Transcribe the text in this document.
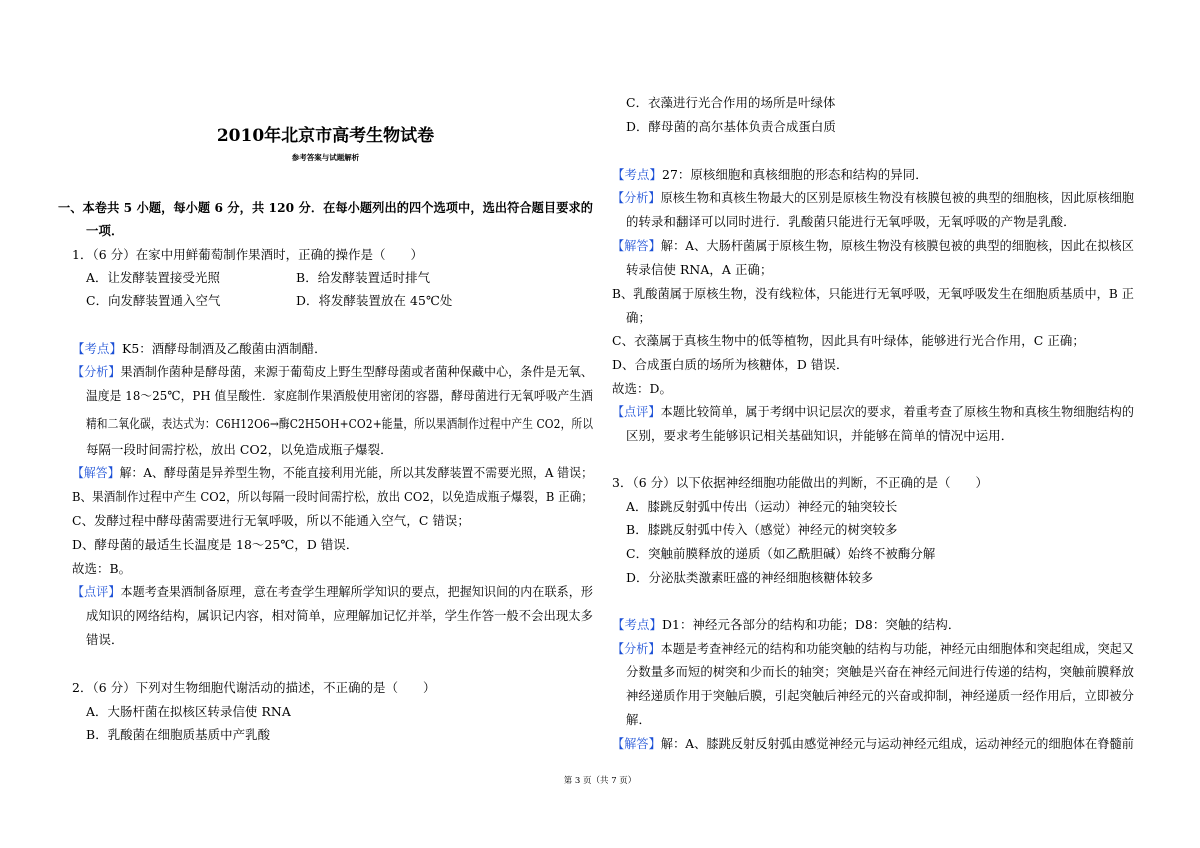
2010年北京市高考生物试卷
参考答案与试题解析
一、本卷共 5 小题，每小题 6 分，共 120 分．在每小题列出的四个选项中，选出符合题目要求的
一项．
1．（6 分）在家中用鲜葡萄制作果酒时，正确的操作是（　　）
A．让发酵装置接受光照	B．给发酵装置适时排气
C．向发酵装置通入空气	D．将发酵装置放在 45℃处
【考点】K5：酒酵母制酒及乙酸菌由酒制醋．
【分析】果酒制作菌种是酵母菌，来源于葡萄皮上野生型酵母菌或者菌种保藏中心，条件是无氧、
温度是 18～25℃，PH 值呈酸性．家庭制作果酒般使用密闭的容器，酵母菌进行无氧呼吸产生酒
精和二氧化碳，表达式为：C6H12O6→酶C2H5OH+CO2+能量，所以果酒制作过程中产生 CO2，所以
每隔一段时间需拧松，放出 CO2，以免造成瓶子爆裂．
【解答】解：A、酵母菌是异养型生物，不能直接利用光能，所以其发酵装置不需要光照，A 错误；
B、果酒制作过程中产生 CO2，所以每隔一段时间需拧松，放出 CO2，以免造成瓶子爆裂，B 正确；
C、发酵过程中酵母菌需要进行无氧呼吸，所以不能通入空气，C 错误；
D、酵母菌的最适生长温度是 18～25℃，D 错误．
故选：B。
【点评】本题考查果酒制备原理，意在考查学生理解所学知识的要点，把握知识间的内在联系，形
成知识的网络结构，属识记内容，相对简单，应理解加记忆并举，学生作答一般不会出现太多
错误．
2．（6 分）下列对生物细胞代谢活动的描述，不正确的是（　　）
A．大肠杆菌在拟核区转录信使 RNA
B．乳酸菌在细胞质基质中产乳酸
C．衣藻进行光合作用的场所是叶绿体
D．酵母菌的高尔基体负责合成蛋白质
【考点】27：原核细胞和真核细胞的形态和结构的异同．
【分析】原核生物和真核生物最大的区别是原核生物没有核膜包被的典型的细胞核，因此原核细胞
的转录和翻译可以同时进行．乳酸菌只能进行无氧呼吸，无氧呼吸的产物是乳酸．
【解答】解：A、大肠杆菌属于原核生物，原核生物没有核膜包被的典型的细胞核，因此在拟核区
转录信使 RNA，A 正确；
B、乳酸菌属于原核生物，没有线粒体，只能进行无氧呼吸，无氧呼吸发生在细胞质基质中，B 正
确；
C、衣藻属于真核生物中的低等植物，因此具有叶绿体，能够进行光合作用，C 正确；
D、合成蛋白质的场所为核糖体，D 错误．
故选：D。
【点评】本题比较简单，属于考纲中识记层次的要求，着重考查了原核生物和真核生物细胞结构的
区别，要求考生能够识记相关基础知识，并能够在简单的情况中运用．
3．（6 分）以下依据神经细胞功能做出的判断，不正确的是（　　）
A．膝跳反射弧中传出（运动）神经元的轴突较长
B．膝跳反射弧中传入（感觉）神经元的树突较多
C．突触前膜释放的递质（如乙酰胆碱）始终不被酶分解
D．分泌肽类激素旺盛的神经细胞核糖体较多
【考点】D1：神经元各部分的结构和功能；D8：突触的结构．
【分析】本题是考查神经元的结构和功能突触的结构与功能，神经元由细胞体和突起组成，突起又
分数量多而短的树突和少而长的轴突；突触是兴奋在神经元间进行传递的结构，突触前膜释放
神经递质作用于突触后膜，引起突触后神经元的兴奋或抑制，神经递质一经作用后，立即被分
解．
【解答】解：A、膝跳反射反射弧由感觉神经元与运动神经元组成，运动神经元的细胞体在脊髓前
第 3 页（共 7 页）
